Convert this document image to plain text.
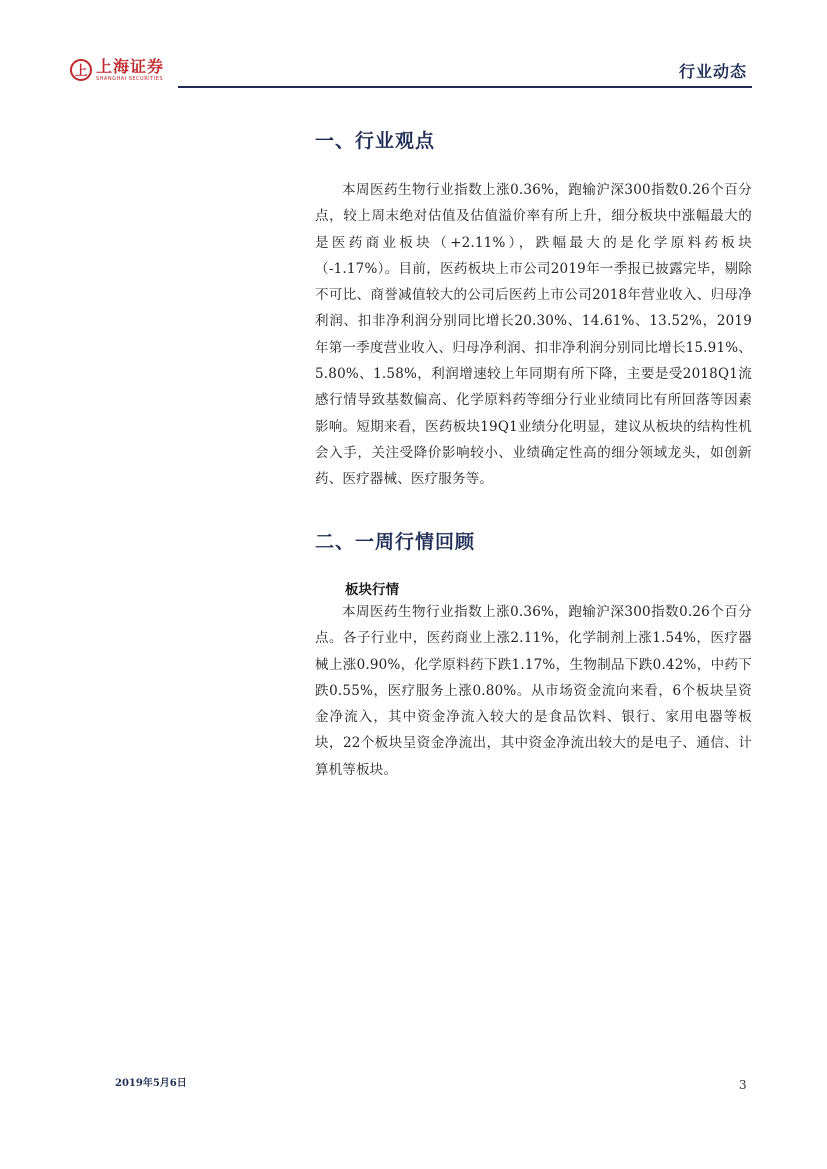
上 上海证券
SHANGHAI SECURITIES	行业动态
一、行业观点

本周医药生物行业指数上涨0.36%，跑输沪深300指数0.26个百分点，较上周末绝对估值及估值溢价率有所上升，细分板块中涨幅最大的是医药商业板块（+2.11%），跌幅最大的是化学原料药板块（-1.17%）。目前，医药板块上市公司2019年一季报已披露完毕，剔除不可比、商誉减值较大的公司后医药上市公司2018年营业收入、归母净利润、扣非净利润分别同比增长20.30%、14.61%、13.52%，2019年第一季度营业收入、归母净利润、扣非净利润分别同比增长15.91%、5.80%、1.58%，利润增速较上年同期有所下降，主要是受2018Q1流感行情导致基数偏高、化学原料药等细分行业业绩同比有所回落等因素影响。短期来看，医药板块19Q1业绩分化明显，建议从板块的结构性机会入手，关注受降价影响较小、业绩确定性高的细分领域龙头，如创新药、医疗器械、医疗服务等。

二、一周行情回顾
板块行情

本周医药生物行业指数上涨0.36%，跑输沪深300指数0.26个百分点。各子行业中，医药商业上涨2.11%，化学制剂上涨1.54%，医疗器械上涨0.90%，化学原料药下跌1.17%，生物制品下跌0.42%，中药下跌0.55%，医疗服务上涨0.80%。从市场资金流向来看，6个板块呈资金净流入，其中资金净流入较大的是食品饮料、银行、家用电器等板块，22个板块呈资金净流出，其中资金净流出较大的是电子、通信、计算机等板块。

2019年5月6日	3
